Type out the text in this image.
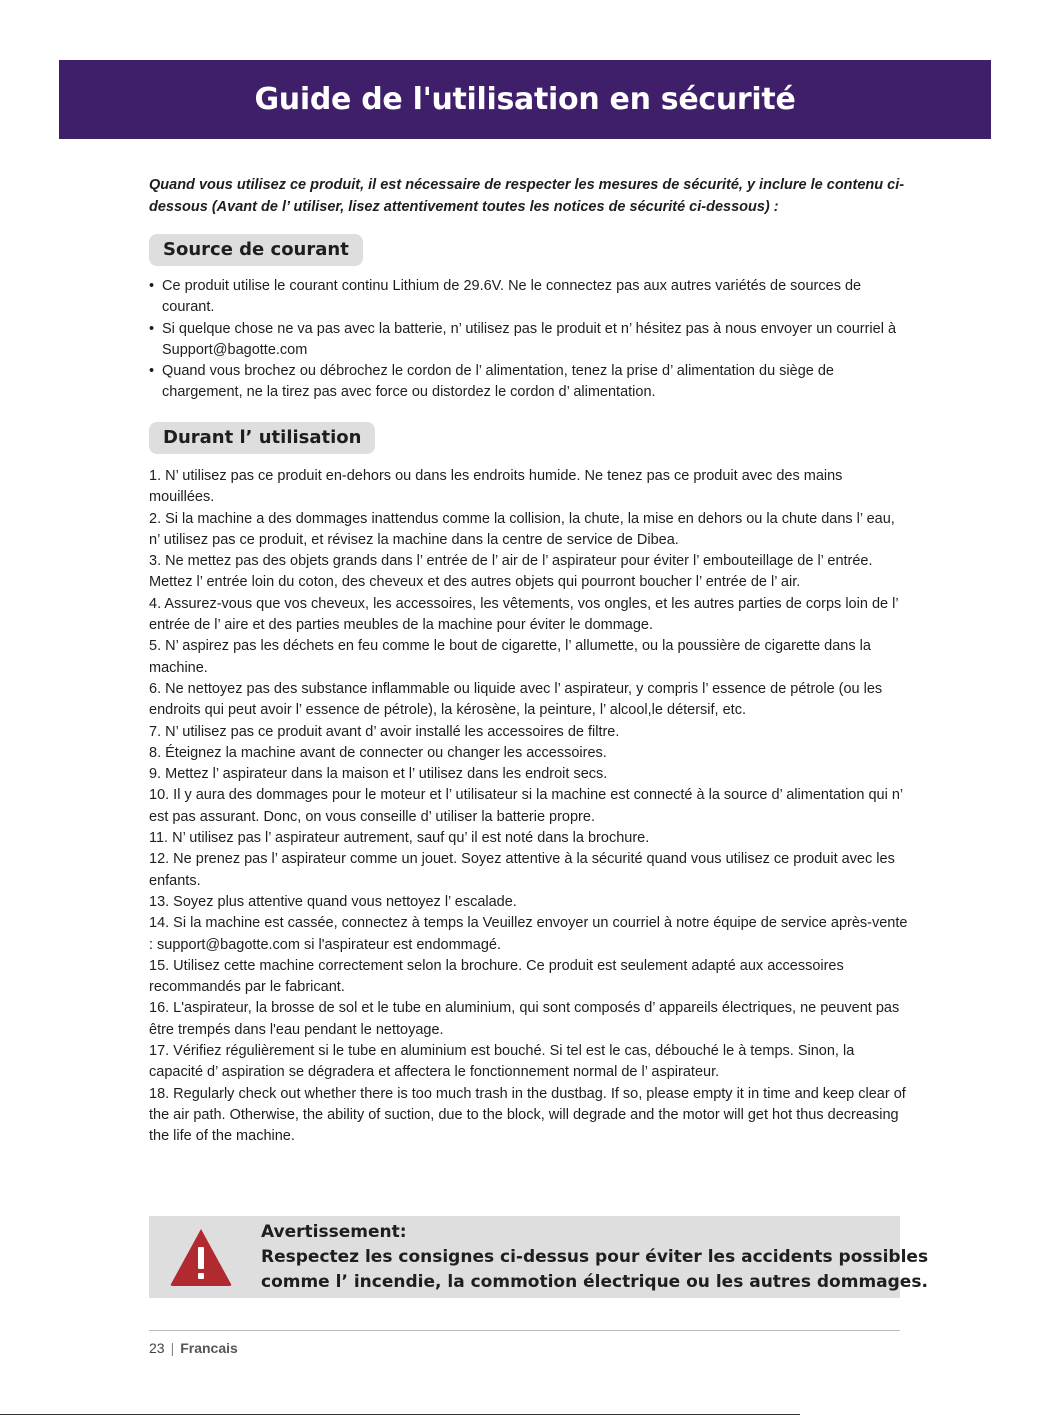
Guide de l'utilisation en sécurité

Quand vous utilisez ce produit, il est nécessaire de respecter les mesures de sécurité, y inclure le contenu ci-dessous (Avant de l’ utiliser, lisez attentivement toutes les notices de sécurité ci-dessous) :

Source de courant
• Ce produit utilise le courant continu Lithium de 29.6V. Ne le connectez pas aux autres variétés de sources de courant.
• Si quelque chose ne va pas avec la batterie, n’ utilisez pas le produit et n’ hésitez pas à nous envoyer un courriel à Support@bagotte.com
• Quand vous brochez ou débrochez le cordon de l’ alimentation, tenez la prise d’ alimentation du siège de chargement, ne la tirez pas avec force ou distordez le cordon d’ alimentation.
Durant l’ utilisation
1. N’ utilisez pas ce produit en-dehors ou dans les endroits humide. Ne tenez pas ce produit avec des mains mouillées.
2. Si la machine a des dommages inattendus comme la collision, la chute, la mise en dehors ou la chute dans l’ eau, n’ utilisez pas ce produit, et révisez la machine dans la centre de service de Dibea.
3. Ne mettez pas des objets grands dans l’ entrée de l’ air de l’ aspirateur pour éviter l’ embouteillage de l’ entrée. Mettez l’ entrée loin du coton, des cheveux et des autres objets qui pourront boucher l’ entrée de l’ air.
4. Assurez-vous que vos cheveux, les accessoires, les vêtements, vos ongles, et les autres parties de corps loin de l’ entrée de l’ aire et des parties meubles de la machine pour éviter le dommage.
5. N’ aspirez pas les déchets en feu comme le bout de cigarette, l’ allumette, ou la poussière de cigarette dans la machine.
6. Ne nettoyez pas des substance inflammable ou liquide avec l’ aspirateur, y compris l’ essence de pétrole (ou les endroits qui peut avoir l’ essence de pétrole), la kérosène, la peinture, l’ alcool,le détersif, etc.
7. N’ utilisez pas ce produit avant d’ avoir installé les accessoires de filtre.
8. Éteignez la machine avant de connecter ou changer les accessoires.
9. Mettez l’ aspirateur dans la maison et l’ utilisez dans les endroit secs.
10. Il y aura des dommages pour le moteur et l’ utilisateur si la machine est connecté à la source d’ alimentation qui n’ est pas assurant. Donc, on vous conseille d’ utiliser la batterie propre.
11. N’ utilisez pas l’ aspirateur autrement, sauf qu’ il est noté dans la brochure.
12. Ne prenez pas l’ aspirateur comme un jouet. Soyez attentive à la sécurité quand vous utilisez ce produit avec les enfants.
13. Soyez plus attentive quand vous nettoyez l’ escalade.
14. Si la machine est cassée, connectez à temps la Veuillez envoyer un courriel à notre équipe de service après-vente : support@bagotte.com si l'aspirateur est endommagé.
15. Utilisez cette machine correctement selon la brochure. Ce produit est seulement adapté aux accessoires recommandés par le fabricant.
16. L'aspirateur, la brosse de sol et le tube en aluminium, qui sont composés d’ appareils électriques, ne peuvent pas être trempés dans l'eau pendant le nettoyage.
17. Vérifiez régulièrement si le tube en aluminium est bouché. Si tel est le cas, débouché le à temps. Sinon, la capacité d’ aspiration se dégradera et affectera le fonctionnement normal de l’ aspirateur.
18. Regularly check out whether there is too much trash in the dustbag. If so, please empty it in time and keep clear of the air path. Otherwise, the ability of suction, due to the block, will degrade and the motor will get hot thus decreasing the life of the machine.
Avertissement:
Respectez les consignes ci-dessus pour éviter les accidents possibles
comme l’ incendie, la commotion électrique ou les autres dommages.
23 | Francais
